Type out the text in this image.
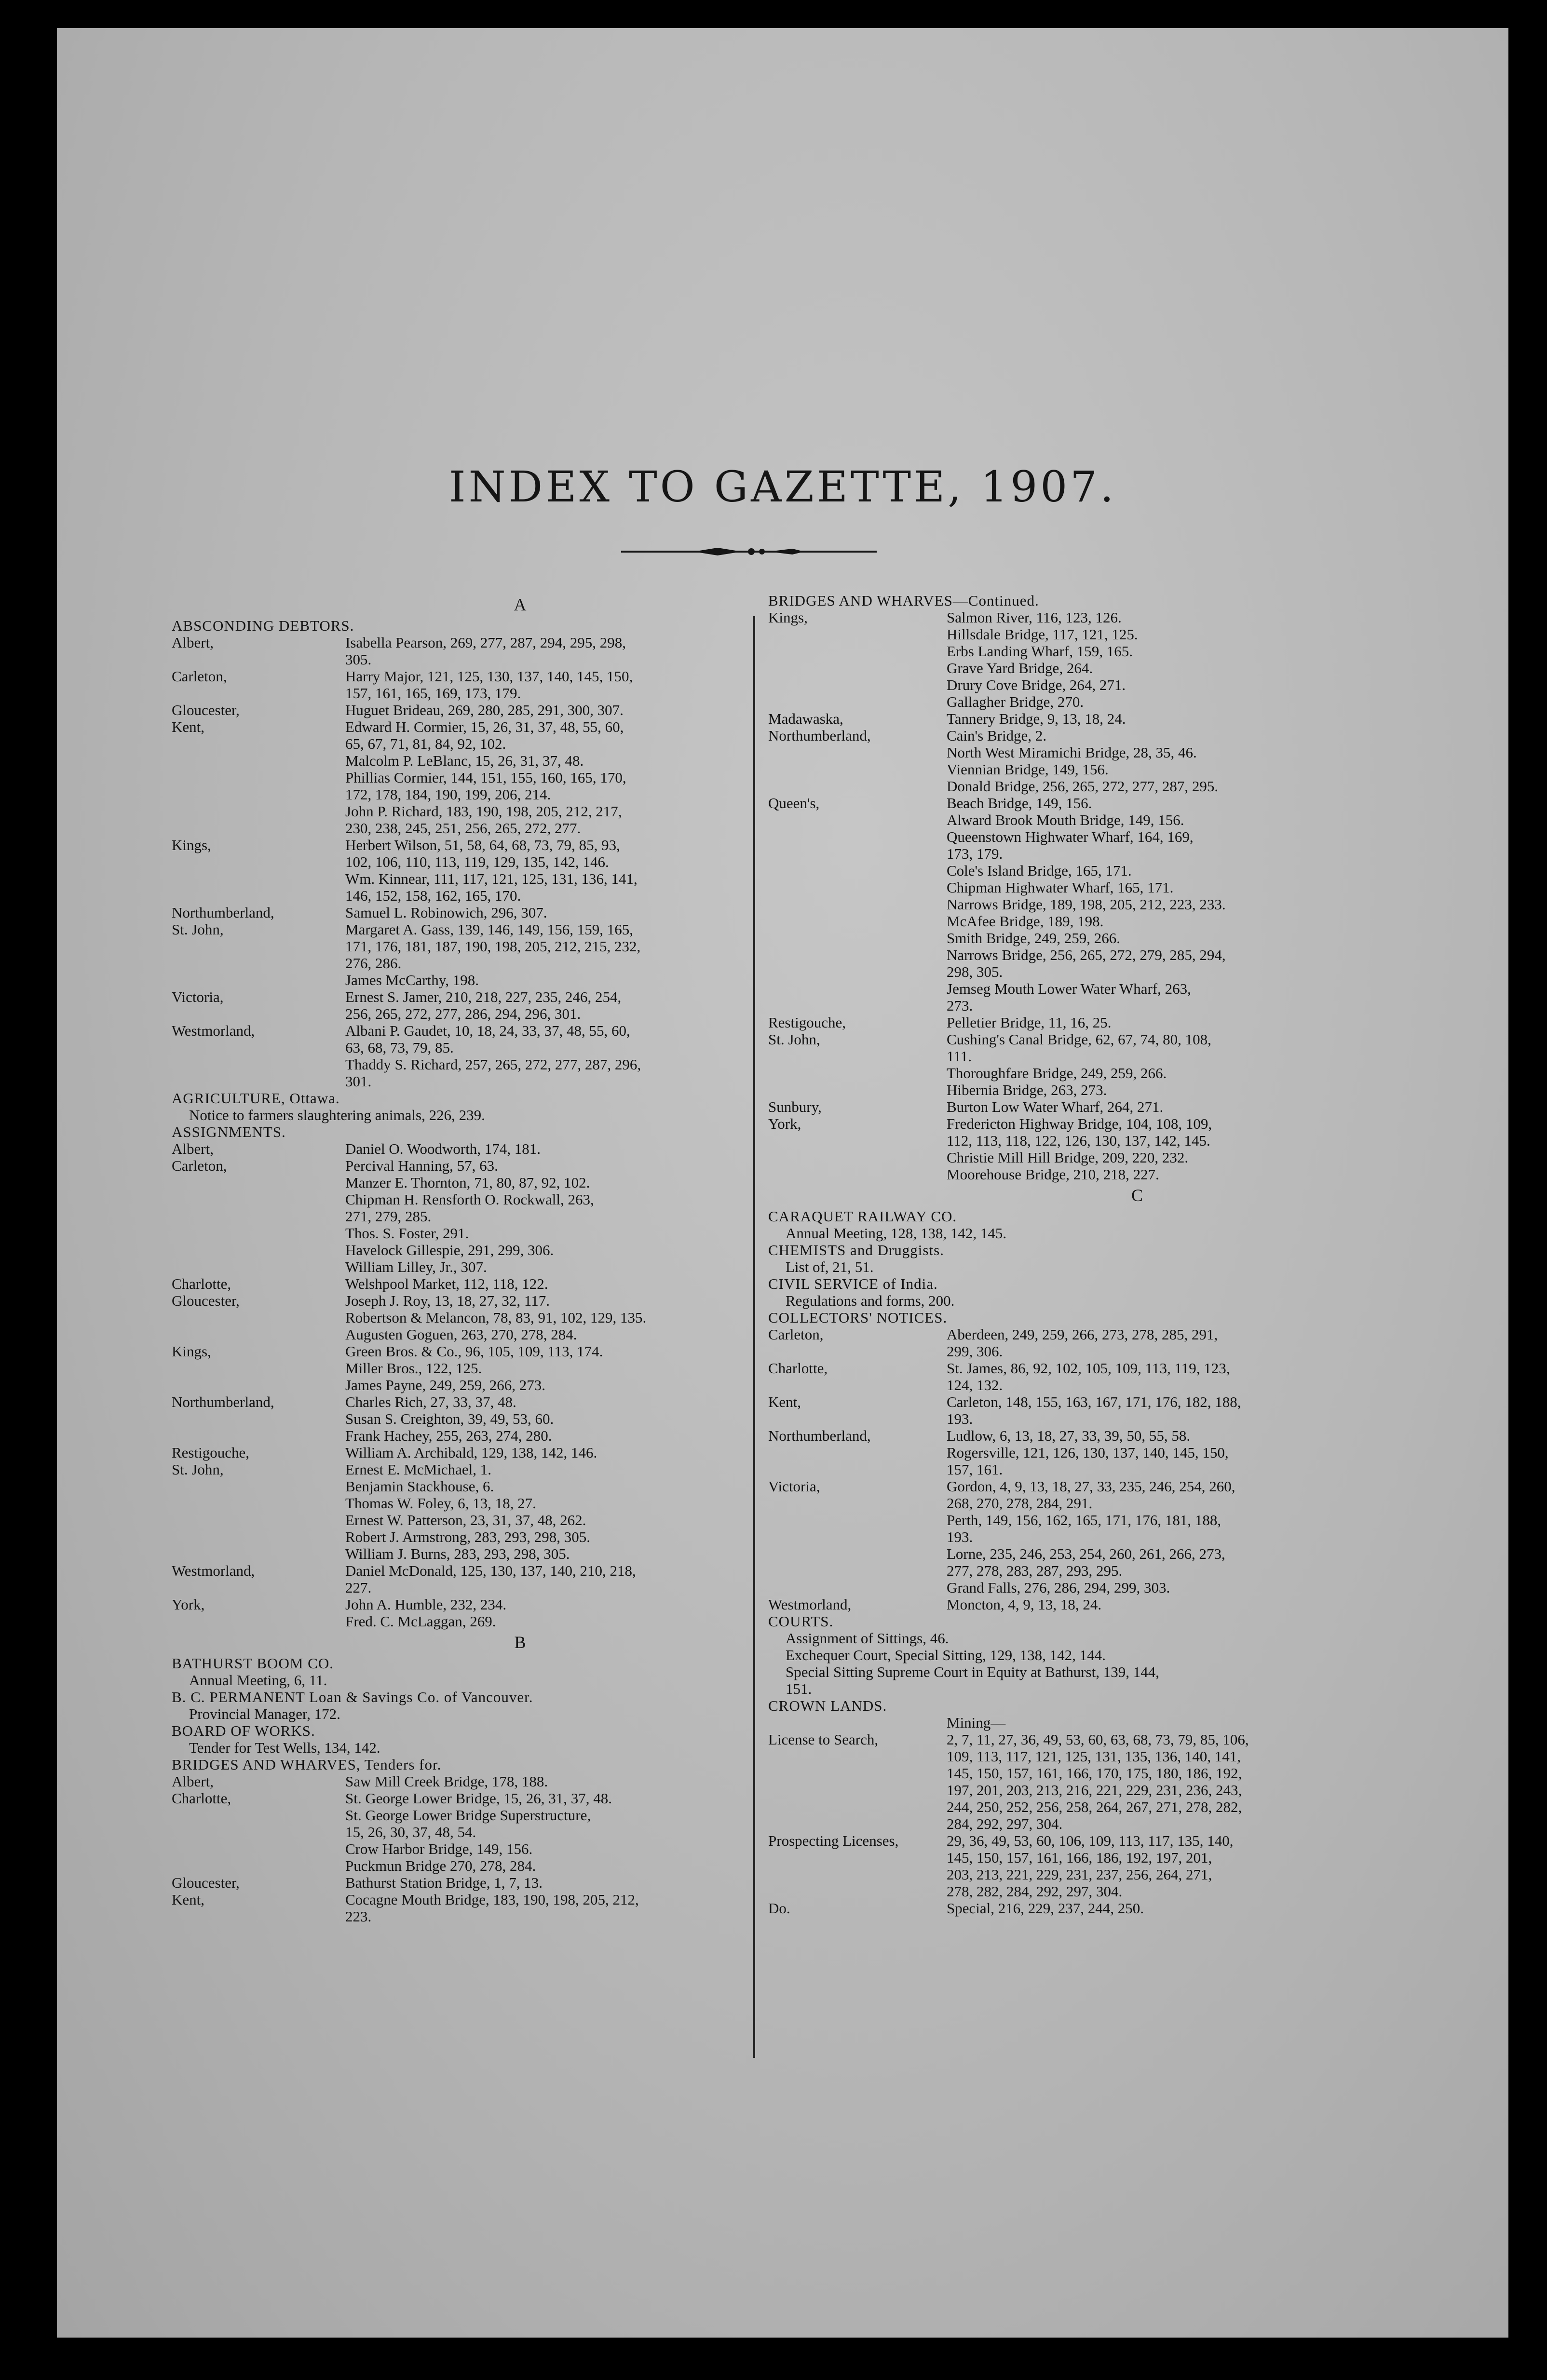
INDEX TO GAZETTE, 1907.
A
ABSCONDING DEBTORS.
Albert,	Isabella Pearson, 269, 277, 287, 294, 295, 298,
305.
Carleton,	Harry Major, 121, 125, 130, 137, 140, 145, 150,
157, 161, 165, 169, 173, 179.
Gloucester,	Huguet Brideau, 269, 280, 285, 291, 300, 307.
Kent,	Edward H. Cormier, 15, 26, 31, 37, 48, 55, 60,
65, 67, 71, 81, 84, 92, 102.
Malcolm P. LeBlanc, 15, 26, 31, 37, 48.
Phillias Cormier, 144, 151, 155, 160, 165, 170,
172, 178, 184, 190, 199, 206, 214.
John P. Richard, 183, 190, 198, 205, 212, 217,
230, 238, 245, 251, 256, 265, 272, 277.
Kings,	Herbert Wilson, 51, 58, 64, 68, 73, 79, 85, 93,
102, 106, 110, 113, 119, 129, 135, 142, 146.
Wm. Kinnear, 111, 117, 121, 125, 131, 136, 141,
146, 152, 158, 162, 165, 170.
Northumberland,	Samuel L. Robinowich, 296, 307.
St. John,	Margaret A. Gass, 139, 146, 149, 156, 159, 165,
171, 176, 181, 187, 190, 198, 205, 212, 215, 232,
276, 286.
James McCarthy, 198.
Victoria,	Ernest S. Jamer, 210, 218, 227, 235, 246, 254,
256, 265, 272, 277, 286, 294, 296, 301.
Westmorland,	Albani P. Gaudet, 10, 18, 24, 33, 37, 48, 55, 60,
63, 68, 73, 79, 85.
Thaddy S. Richard, 257, 265, 272, 277, 287, 296,
301.
AGRICULTURE, Ottawa.
Notice to farmers slaughtering animals, 226, 239.
ASSIGNMENTS.
Albert,	Daniel O. Woodworth, 174, 181.
Carleton,	Percival Hanning, 57, 63.
Manzer E. Thornton, 71, 80, 87, 92, 102.
Chipman H. Rensforth O. Rockwall, 263,
271, 279, 285.
Thos. S. Foster, 291.
Havelock Gillespie, 291, 299, 306.
William Lilley, Jr., 307.
Charlotte,	Welshpool Market, 112, 118, 122.
Gloucester,	Joseph J. Roy, 13, 18, 27, 32, 117.
Robertson & Melancon, 78, 83, 91, 102, 129, 135.
Augusten Goguen, 263, 270, 278, 284.
Kings,	Green Bros. & Co., 96, 105, 109, 113, 174.
Miller Bros., 122, 125.
James Payne, 249, 259, 266, 273.
Northumberland,	Charles Rich, 27, 33, 37, 48.
Susan S. Creighton, 39, 49, 53, 60.
Frank Hachey, 255, 263, 274, 280.
Restigouche,	William A. Archibald, 129, 138, 142, 146.
St. John,	Ernest E. McMichael, 1.
Benjamin Stackhouse, 6.
Thomas W. Foley, 6, 13, 18, 27.
Ernest W. Patterson, 23, 31, 37, 48, 262.
Robert J. Armstrong, 283, 293, 298, 305.
William J. Burns, 283, 293, 298, 305.
Westmorland,	Daniel McDonald, 125, 130, 137, 140, 210, 218,
227.
York,	John A. Humble, 232, 234.
Fred. C. McLaggan, 269.
B
BATHURST BOOM CO.
Annual Meeting, 6, 11.
B. C. PERMANENT Loan & Savings Co. of Vancouver.
Provincial Manager, 172.
BOARD OF WORKS.
Tender for Test Wells, 134, 142.
BRIDGES AND WHARVES, Tenders for.
Albert,	Saw Mill Creek Bridge, 178, 188.
Charlotte,	St. George Lower Bridge, 15, 26, 31, 37, 48.
St. George Lower Bridge Superstructure,
15, 26, 30, 37, 48, 54.
Crow Harbor Bridge, 149, 156.
Puckmun Bridge 270, 278, 284.
Gloucester,	Bathurst Station Bridge, 1, 7, 13.
Kent,	Cocagne Mouth Bridge, 183, 190, 198, 205, 212,
223.
BRIDGES AND WHARVES—Continued.
Kings,	Salmon River, 116, 123, 126.
Hillsdale Bridge, 117, 121, 125.
Erbs Landing Wharf, 159, 165.
Grave Yard Bridge, 264.
Drury Cove Bridge, 264, 271.
Gallagher Bridge, 270.
Madawaska,	Tannery Bridge, 9, 13, 18, 24.
Northumberland,	Cain's Bridge, 2.
North West Miramichi Bridge, 28, 35, 46.
Viennian Bridge, 149, 156.
Donald Bridge, 256, 265, 272, 277, 287, 295.
Queen's,	Beach Bridge, 149, 156.
Alward Brook Mouth Bridge, 149, 156.
Queenstown Highwater Wharf, 164, 169,
173, 179.
Cole's Island Bridge, 165, 171.
Chipman Highwater Wharf, 165, 171.
Narrows Bridge, 189, 198, 205, 212, 223, 233.
McAfee Bridge, 189, 198.
Smith Bridge, 249, 259, 266.
Narrows Bridge, 256, 265, 272, 279, 285, 294,
298, 305.
Jemseg Mouth Lower Water Wharf, 263,
273.
Restigouche,	Pelletier Bridge, 11, 16, 25.
St. John,	Cushing's Canal Bridge, 62, 67, 74, 80, 108,
111.
Thoroughfare Bridge, 249, 259, 266.
Hibernia Bridge, 263, 273.
Sunbury,	Burton Low Water Wharf, 264, 271.
York,	Fredericton Highway Bridge, 104, 108, 109,
112, 113, 118, 122, 126, 130, 137, 142, 145.
Christie Mill Hill Bridge, 209, 220, 232.
Moorehouse Bridge, 210, 218, 227.
C
CARAQUET RAILWAY CO.
Annual Meeting, 128, 138, 142, 145.
CHEMISTS and Druggists.
List of, 21, 51.
CIVIL SERVICE of India.
Regulations and forms, 200.
COLLECTORS' NOTICES.
Carleton,	Aberdeen, 249, 259, 266, 273, 278, 285, 291,
299, 306.
Charlotte,	St. James, 86, 92, 102, 105, 109, 113, 119, 123,
124, 132.
Kent,	Carleton, 148, 155, 163, 167, 171, 176, 182, 188,
193.
Northumberland,	Ludlow, 6, 13, 18, 27, 33, 39, 50, 55, 58.
Rogersville, 121, 126, 130, 137, 140, 145, 150,
157, 161.
Victoria,	Gordon, 4, 9, 13, 18, 27, 33, 235, 246, 254, 260,
268, 270, 278, 284, 291.
Perth, 149, 156, 162, 165, 171, 176, 181, 188,
193.
Lorne, 235, 246, 253, 254, 260, 261, 266, 273,
277, 278, 283, 287, 293, 295.
Grand Falls, 276, 286, 294, 299, 303.
Westmorland,	Moncton, 4, 9, 13, 18, 24.
COURTS.
Assignment of Sittings, 46.
Exchequer Court, Special Sitting, 129, 138, 142, 144.
Special Sitting Supreme Court in Equity at Bathurst, 139, 144,
151.
CROWN LANDS.
Mining—
License to Search,	2, 7, 11, 27, 36, 49, 53, 60, 63, 68, 73, 79, 85, 106,
109, 113, 117, 121, 125, 131, 135, 136, 140, 141,
145, 150, 157, 161, 166, 170, 175, 180, 186, 192,
197, 201, 203, 213, 216, 221, 229, 231, 236, 243,
244, 250, 252, 256, 258, 264, 267, 271, 278, 282,
284, 292, 297, 304.
Prospecting Licenses,	29, 36, 49, 53, 60, 106, 109, 113, 117, 135, 140,
145, 150, 157, 161, 166, 186, 192, 197, 201,
203, 213, 221, 229, 231, 237, 256, 264, 271,
278, 282, 284, 292, 297, 304.
Do.	Special, 216, 229, 237, 244, 250.
